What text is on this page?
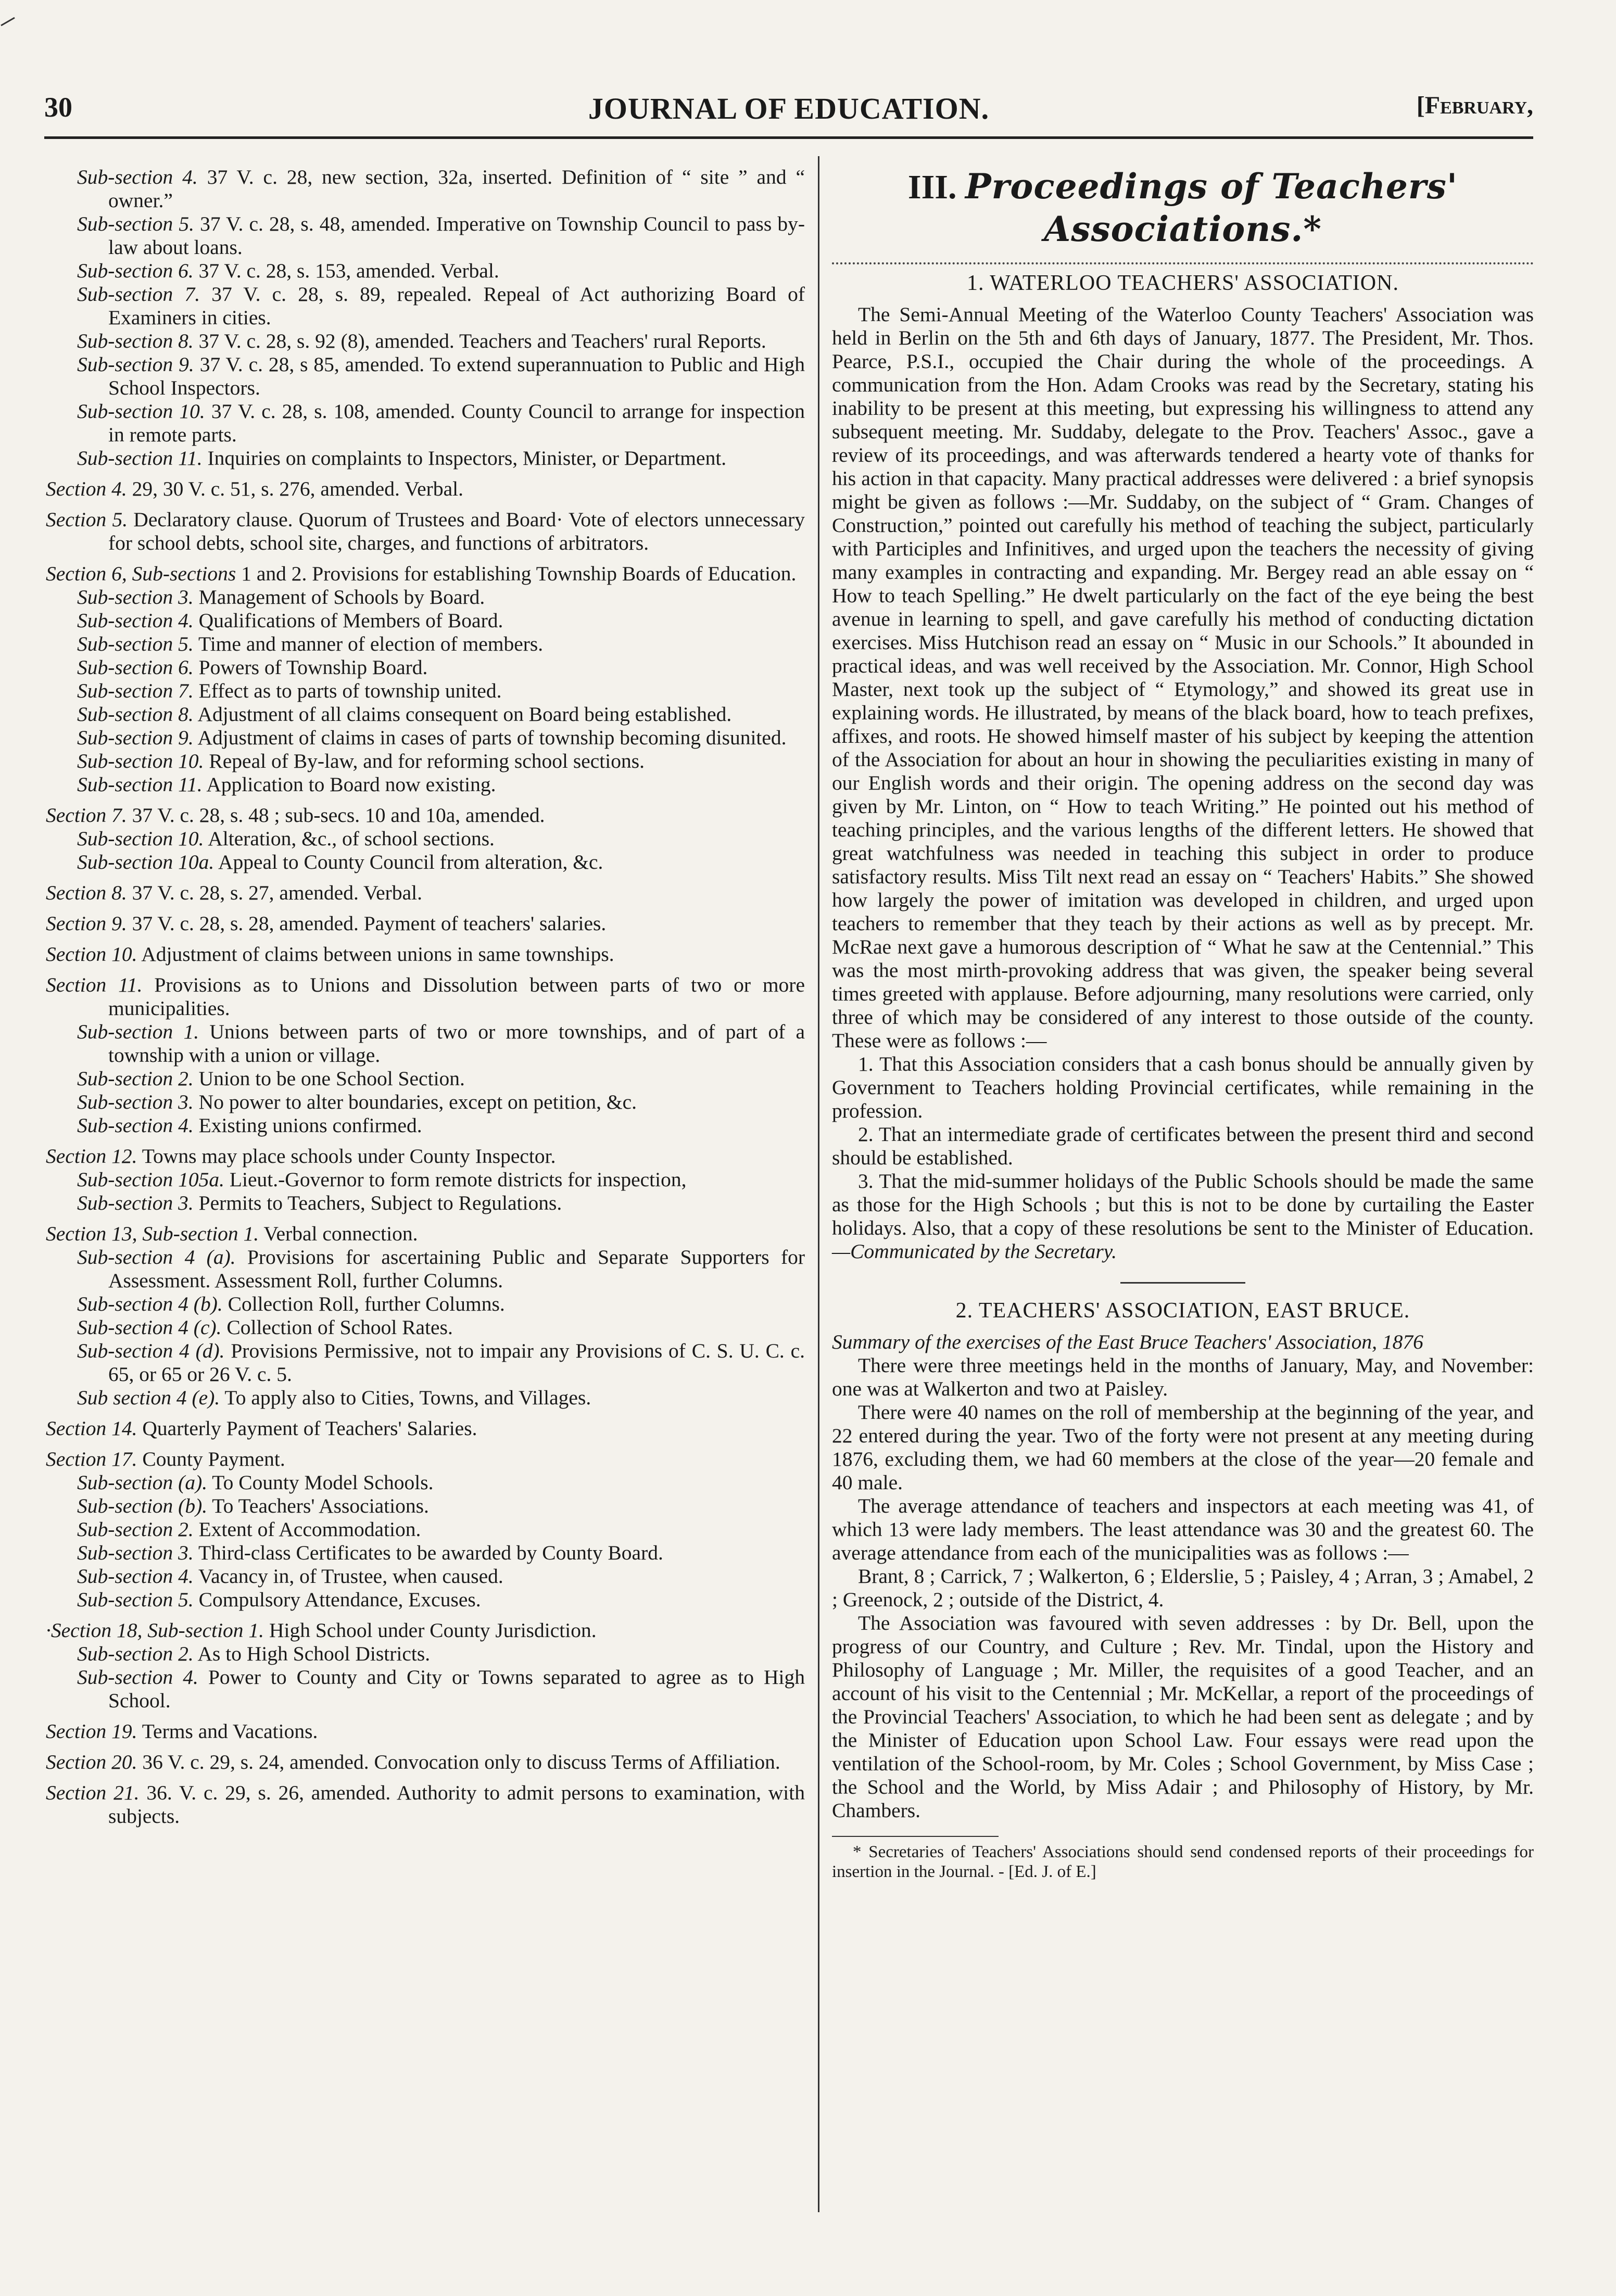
30	JOURNAL OF EDUCATION.	[February,

Sub-section 4. 37 V. c. 28, new section, 32a, inserted. Definition of “ site ” and “ owner.”

Sub-section 5. 37 V. c. 28, s. 48, amended. Imperative on Township Council to pass by-law about loans.

Sub-section 6. 37 V. c. 28, s. 153, amended. Verbal.

Sub-section 7. 37 V. c. 28, s. 89, repealed. Repeal of Act authorizing Board of Examiners in cities.

Sub-section 8. 37 V. c. 28, s. 92 (8), amended. Teachers and Teachers' rural Reports.

Sub-section 9. 37 V. c. 28, s 85, amended. To extend superannuation to Public and High School Inspectors.

Sub-section 10. 37 V. c. 28, s. 108, amended. County Council to arrange for inspection in remote parts.

Sub-section 11. Inquiries on complaints to Inspectors, Minister, or Department.

Section 4. 29, 30 V. c. 51, s. 276, amended. Verbal.

Section 5. Declaratory clause. Quorum of Trustees and Board· Vote of electors unnecessary for school debts, school site, charges, and functions of arbitrators.

Section 6, Sub-sections 1 and 2. Provisions for establishing Township Boards of Education.

Sub-section 3. Management of Schools by Board.

Sub-section 4. Qualifications of Members of Board.

Sub-section 5. Time and manner of election of members.

Sub-section 6. Powers of Township Board.

Sub-section 7. Effect as to parts of township united.

Sub-section 8. Adjustment of all claims consequent on Board being established.

Sub-section 9. Adjustment of claims in cases of parts of township becoming disunited.

Sub-section 10. Repeal of By-law, and for reforming school sections.

Sub-section 11. Application to Board now existing.

Section 7. 37 V. c. 28, s. 48 ; sub-secs. 10 and 10a, amended.

Sub-section 10. Alteration, &c., of school sections.

Sub-section 10a. Appeal to County Council from alteration, &c.

Section 8. 37 V. c. 28, s. 27, amended. Verbal.

Section 9. 37 V. c. 28, s. 28, amended. Payment of teachers' salaries.

Section 10. Adjustment of claims between unions in same townships.

Section 11. Provisions as to Unions and Dissolution between parts of two or more municipalities.

Sub-section 1. Unions between parts of two or more townships, and of part of a township with a union or village.

Sub-section 2. Union to be one School Section.

Sub-section 3. No power to alter boundaries, except on petition, &c.

Sub-section 4. Existing unions confirmed.

Section 12. Towns may place schools under County Inspector.

Sub-section 105a. Lieut.-Governor to form remote districts for inspection,

Sub-section 3. Permits to Teachers, Subject to Regulations.

Section 13, Sub-section 1. Verbal connection.

Sub-section 4 (a). Provisions for ascertaining Public and Separate Supporters for Assessment. Assessment Roll, further Columns.

Sub-section 4 (b). Collection Roll, further Columns.

Sub-section 4 (c). Collection of School Rates.

Sub-section 4 (d). Provisions Permissive, not to impair any Provisions of C. S. U. C. c. 65, or 65 or 26 V. c. 5.

Sub section 4 (e). To apply also to Cities, Towns, and Villages.

Section 14. Quarterly Payment of Teachers' Salaries.

Section 17. County Payment.

Sub-section (a). To County Model Schools.

Sub-section (b). To Teachers' Associations.

Sub-section 2. Extent of Accommodation.

Sub-section 3. Third-class Certificates to be awarded by County Board.

Sub-section 4. Vacancy in, of Trustee, when caused.

Sub-section 5. Compulsory Attendance, Excuses.

·Section 18, Sub-section 1. High School under County Jurisdiction.

Sub-section 2. As to High School Districts.

Sub-section 4. Power to County and City or Towns separated to agree as to High School.

Section 19. Terms and Vacations.

Section 20. 36 V. c. 29, s. 24, amended. Convocation only to discuss Terms of Affiliation.

Section 21. 36. V. c. 29, s. 26, amended. Authority to admit persons to examination, with subjects.

III. Proceedings of Teachers' Associations.*
1. WATERLOO TEACHERS' ASSOCIATION.

The Semi-Annual Meeting of the Waterloo County Teachers' Association was held in Berlin on the 5th and 6th days of January, 1877. The President, Mr. Thos. Pearce, P.S.I., occupied the Chair during the whole of the proceedings. A communication from the Hon. Adam Crooks was read by the Secretary, stating his inability to be present at this meeting, but expressing his willingness to attend any subsequent meeting. Mr. Suddaby, delegate to the Prov. Teachers' Assoc., gave a review of its proceedings, and was afterwards tendered a hearty vote of thanks for his action in that capacity. Many practical addresses were delivered : a brief synopsis might be given as follows :—Mr. Suddaby, on the subject of “ Gram. Changes of Construction,” pointed out carefully his method of teaching the subject, particularly with Participles and Infinitives, and urged upon the teachers the necessity of giving many examples in contracting and expanding. Mr. Bergey read an able essay on “ How to teach Spelling.” He dwelt particularly on the fact of the eye being the best avenue in learning to spell, and gave carefully his method of conducting dictation exercises. Miss Hutchison read an essay on “ Music in our Schools.” It abounded in practical ideas, and was well received by the Association. Mr. Connor, High School Master, next took up the subject of “ Etymology,” and showed its great use in explaining words. He illustrated, by means of the black board, how to teach prefixes, affixes, and roots. He showed himself master of his subject by keeping the attention of the Association for about an hour in showing the peculiarities existing in many of our English words and their origin. The opening address on the second day was given by Mr. Linton, on “ How to teach Writing.” He pointed out his method of teaching principles, and the various lengths of the different letters. He showed that great watchfulness was needed in teaching this subject in order to produce satisfactory results. Miss Tilt next read an essay on “ Teachers' Habits.” She showed how largely the power of imitation was developed in children, and urged upon teachers to remember that they teach by their actions as well as by precept. Mr. McRae next gave a humorous description of “ What he saw at the Centennial.” This was the most mirth-provoking address that was given, the speaker being several times greeted with applause. Before adjourning, many resolutions were carried, only three of which may be considered of any interest to those outside of the county. These were as follows :—

1. That this Association considers that a cash bonus should be annually given by Government to Teachers holding Provincial certificates, while remaining in the profession.

2. That an intermediate grade of certificates between the present third and second should be established.

3. That the mid-summer holidays of the Public Schools should be made the same as those for the High Schools ; but this is not to be done by curtailing the Easter holidays. Also, that a copy of these resolutions be sent to the Minister of Education.—Communicated by the Secretary.

2. TEACHERS' ASSOCIATION, EAST BRUCE.

Summary of the exercises of the East Bruce Teachers' Association, 1876

There were three meetings held in the months of January, May, and November: one was at Walkerton and two at Paisley.

There were 40 names on the roll of membership at the beginning of the year, and 22 entered during the year. Two of the forty were not present at any meeting during 1876, excluding them, we had 60 members at the close of the year—20 female and 40 male.

The average attendance of teachers and inspectors at each meeting was 41, of which 13 were lady members. The least attendance was 30 and the greatest 60. The average attendance from each of the municipalities was as follows :—

Brant, 8 ; Carrick, 7 ; Walkerton, 6 ; Elderslie, 5 ; Paisley, 4 ; Arran, 3 ; Amabel, 2 ; Greenock, 2 ; outside of the District, 4.

The Association was favoured with seven addresses : by Dr. Bell, upon the progress of our Country, and Culture ; Rev. Mr. Tindal, upon the History and Philosophy of Language ; Mr. Miller, the requisites of a good Teacher, and an account of his visit to the Centennial ; Mr. McKellar, a report of the proceedings of the Provincial Teachers' Association, to which he had been sent as delegate ; and by the Minister of Education upon School Law. Four essays were read upon the ventilation of the School-room, by Mr. Coles ; School Government, by Miss Case ; the School and the World, by Miss Adair ; and Philosophy of History, by Mr. Chambers.

* Secretaries of Teachers' Associations should send condensed reports of their proceedings for insertion in the Journal. - [Ed. J. of E.]
